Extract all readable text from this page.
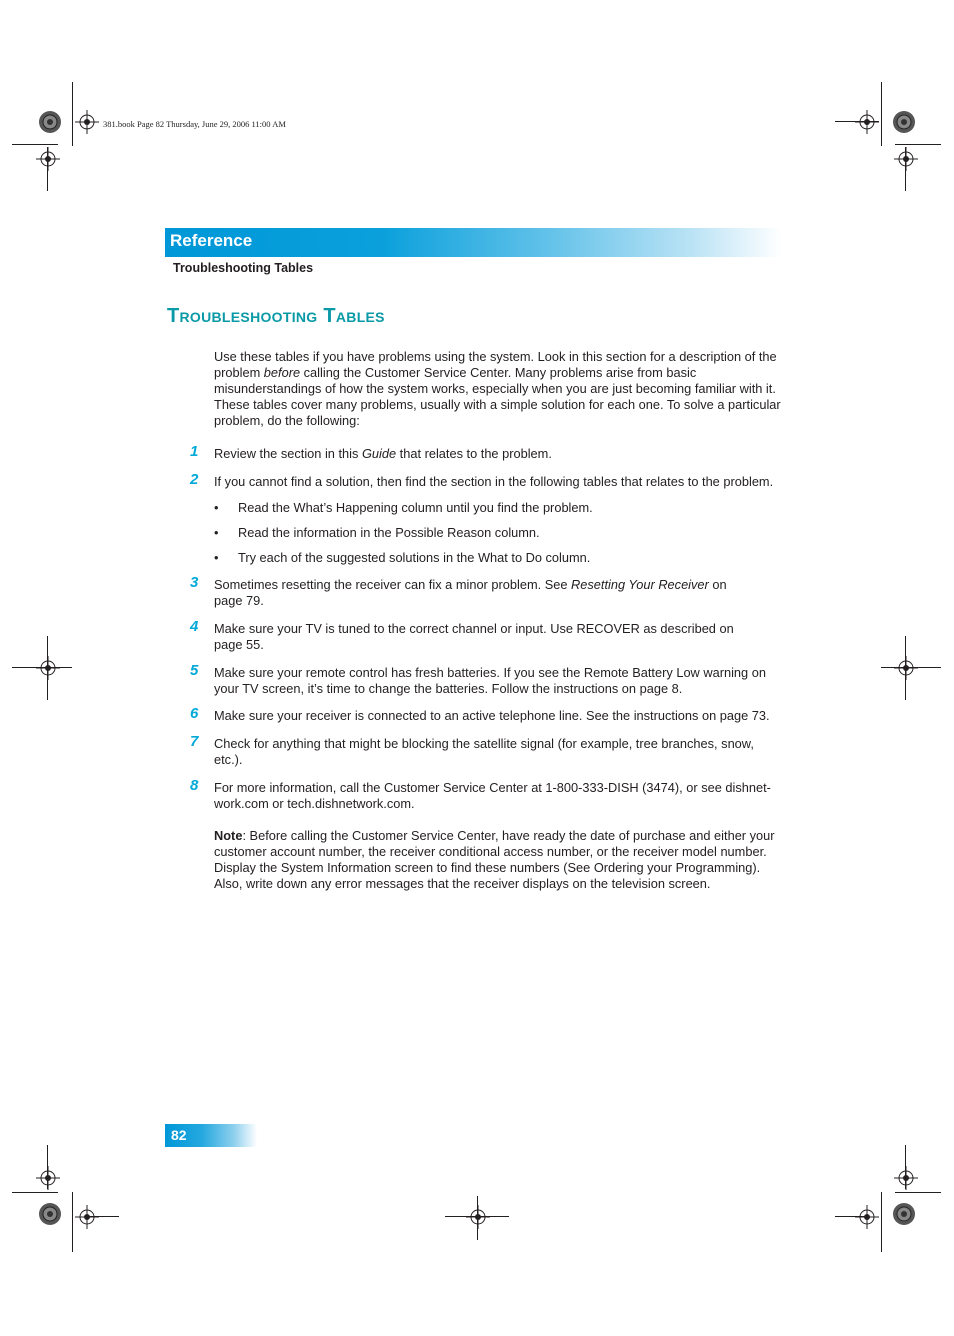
381.book Page 82 Thursday, June 29, 2006 11:00 AM
Reference
Troubleshooting Tables
Troubleshooting Tables
Use these tables if you have problems using the system. Look in this section for a description of the problem before calling the Customer Service Center. Many problems arise from basic misunderstandings of how the system works, especially when you are just becoming familiar with it. These tables cover many problems, usually with a simple solution for each one. To solve a particular problem, do the following:
1	Review the section in this Guide that relates to the problem.
2	If you cannot find a solution, then find the section in the following tables that relates to the problem.
• Read the What’s Happening column until you find the problem.
• Read the information in the Possible Reason column.
• Try each of the suggested solutions in the What to Do column.
3	Sometimes resetting the receiver can fix a minor problem. See Resetting Your Receiver on page 79.
4	Make sure your TV is tuned to the correct channel or input. Use RECOVER as described on page 55.
5	Make sure your remote control has fresh batteries. If you see the Remote Battery Low warning on your TV screen, it’s time to change the batteries. Follow the instructions on page 8.
6	Make sure your receiver is connected to an active telephone line. See the instructions on page 73.
7	Check for anything that might be blocking the satellite signal (for example, tree branches, snow, etc.).
8	For more information, call the Customer Service Center at 1-800-333-DISH (3474), or see dishnet-work.com or tech.dishnetwork.com.
Note: Before calling the Customer Service Center, have ready the date of purchase and either your customer account number, the receiver conditional access number, or the receiver model number. Display the System Information screen to find these numbers (See Ordering your Programming). Also, write down any error messages that the receiver displays on the television screen.
82
